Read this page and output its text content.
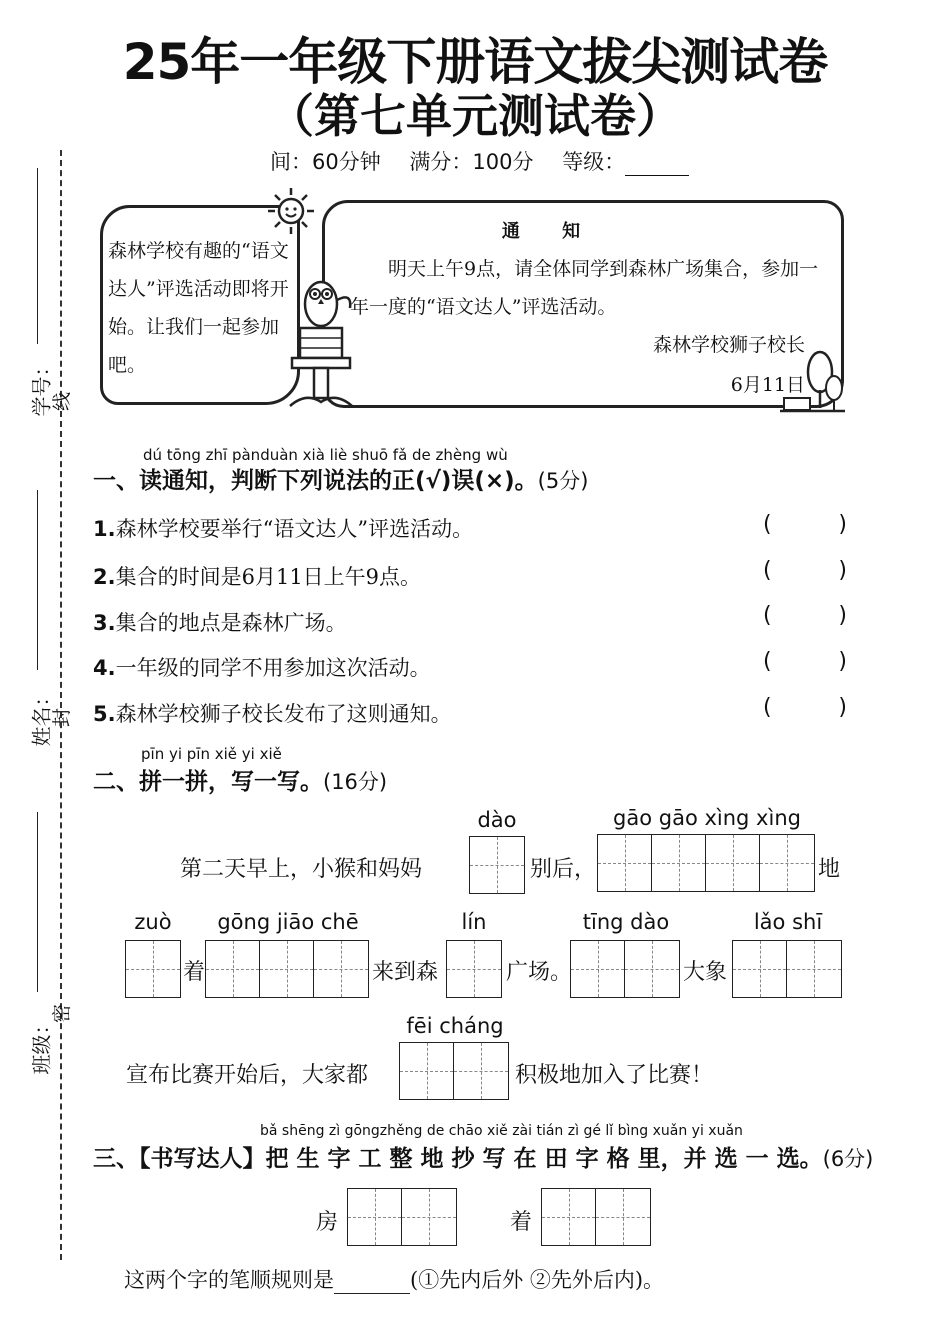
25年一年级下册语文拔尖测试卷
（第七单元测试卷）
间：60分钟 满分：100分 等级：
学号：
线
姓名：
封
班级：
密
森林学校有趣的“语文达人”评选活动即将开始。让我们一起参加吧。
通 知
明天上午9点，请全体同学到森林广场集合，参加一年一度的“语文达人”评选活动。
森林学校狮子校长
6月11日
dú tōng zhī pànduàn xià liè shuō fǎ de zhèng wù
一、读通知，判断下列说法的正(√)误(×)。(5分)
1.森林学校要举行“语文达人”评选活动。	(	)
2.集合的时间是6月11日上午9点。	(	)
3.集合的地点是森林广场。	(	)
4.一年级的同学不用参加这次活动。	(	)
5.森林学校狮子校长发布了这则通知。	(	)
pīn yi pīn xiě yi xiě
二、拼一拼，写一写。(16分)
第二天早上，小猴和妈妈
dào
别后，
gāo gāo xìng xìng
地
zuò
着
gōng jiāo chē
来到森
lín
广场。
tīng dào
大象
lǎo shī
宣布比赛开始后，大家都
fēi cháng
积极地加入了比赛！
bǎ shēng zì gōngzhěng de chāo xiě zài tián zì gé lǐ bìng xuǎn yi xuǎn
三、【书写达人】把 生 字 工 整 地 抄 写 在 田 字 格 里，并 选 一 选。(6分)
房	着
这两个字的笔顺规则是	(①先内后外 ②先外后内)。
